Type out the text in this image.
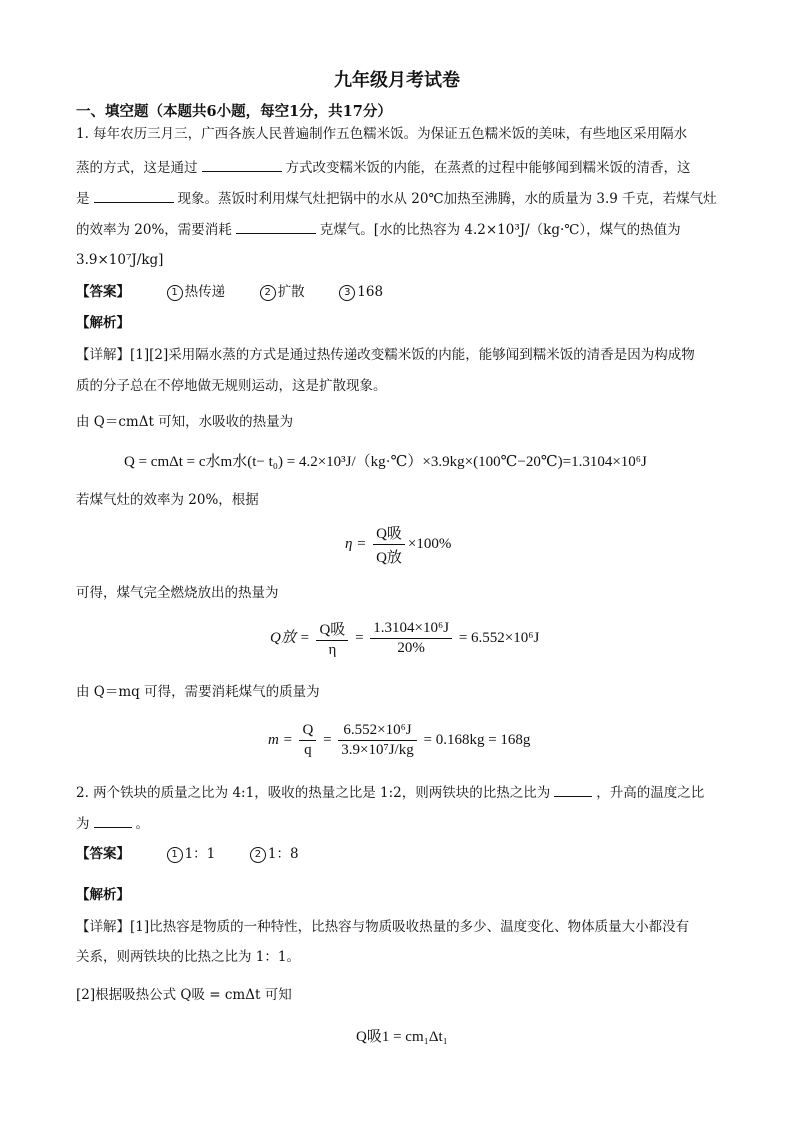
九年级月考试卷
一、填空题（本题共6小题，每空1分，共17分）
1. 每年农历三月三，广西各族人民普遍制作五色糯米饭。为保证五色糯米饭的美味，有些地区采用隔水
蒸的方式，这是通过	方式改变糯米饭的内能，在蒸煮的过程中能够闻到糯米饭的清香，这
是	现象。蒸饭时利用煤气灶把锅中的水从 20℃加热至沸腾，水的质量为 3.9 千克，若煤气灶
的效率为 20%，需要消耗	克煤气。[水的比热容为 4.2×10³J/（kg·℃），煤气的热值为
3.9×10⁷J/kg]
【答案】	1 热传递	2 扩散	3 168
【解析】
【详解】[1][2]采用隔水蒸的方式是通过热传递改变糯米饭的内能，能够闻到糯米饭的清香是因为构成物
质的分子总在不停地做无规则运动，这是扩散现象。
由 Q＝cmΔt 可知，水吸收的热量为
Q = cmΔt = c水m水(t− t₀) = 4.2×10³J/（kg·℃）×3.9kg×(100℃−20℃)=1.3104×10⁶J
若煤气灶的效率为 20%，根据
$\eta = \frac{\text{Q吸}}{\text{Q放}} \times 100\%$
可得，煤气完全燃烧放出的热量为
Q放 = $\frac{\text{Q吸}}{\eta} = \frac{\text{1.3104×10⁶J}}{20\%} = 6.552\times 10^6J$
由 Q＝mq 可得，需要消耗煤气的质量为
$m = \frac{Q}{q} = \frac{\text{6.552×10⁶J}}{\text{3.9×10⁷J/kg}} = 0.168kg = 168g$
2. 两个铁块的质量之比为 4:1，吸收的热量之比是 1:2，则两铁块的比热之比为	，升高的温度之比
为	。
【答案】	1 1：1	2 1：8
【解析】
【详解】[1]比热容是物质的一种特性，比热容与物质吸收热量的多少、温度变化、物体质量大小都没有
关系，则两铁块的比热之比为 1：1。
[2]根据吸热公式 Q吸 = cmΔt 可知
Q吸1 = cm₁Δt₁
